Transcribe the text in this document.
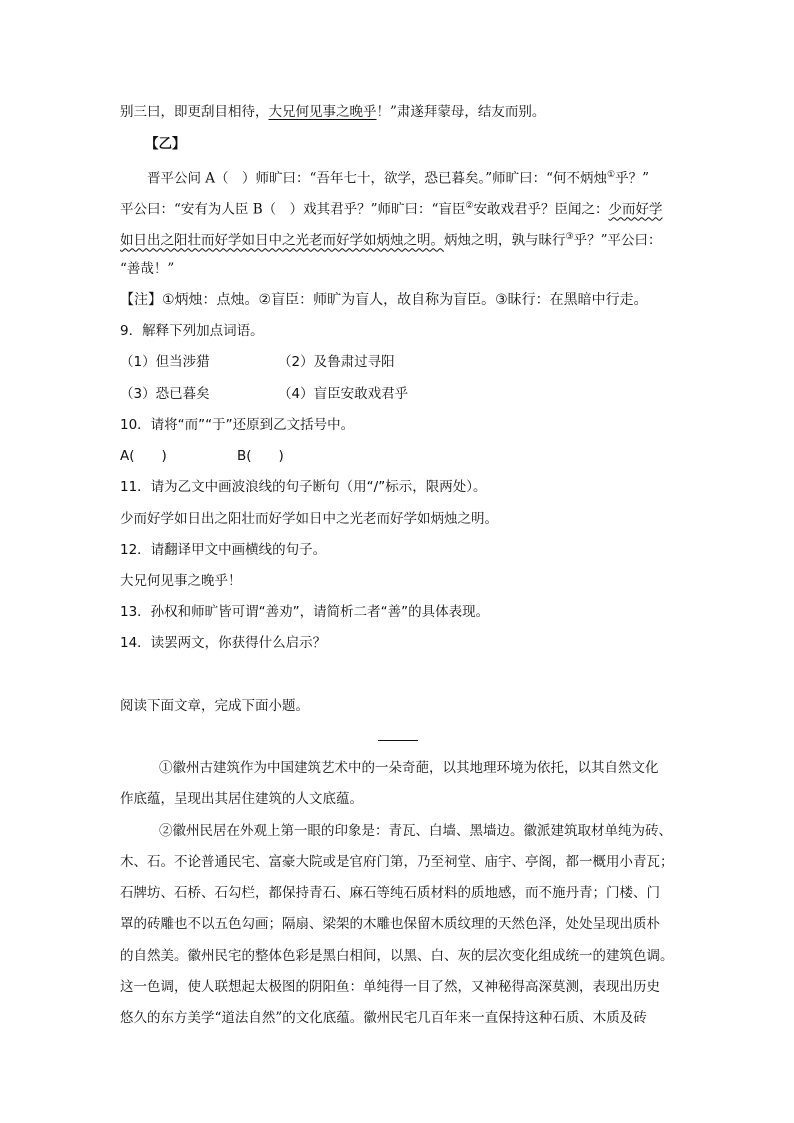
别三曰，即更刮目相待，大兄何见事之晚乎！”肃遂拜蒙母，结友而别。
【乙】
晋平公问 A（　）师旷曰：“吾年七十，欲学，恐已暮矣。”师旷曰：“何不炳烛①乎？”
平公曰：“安有为人臣 B（　）戏其君乎？”师旷曰：“盲臣②安敢戏君乎？臣闻之：少而好学
如日出之阳壮而好学如日中之光老而好学如炳烛之明。炳烛之明，孰与昧行③乎？”平公曰：
“善哉！”
【注】①炳烛：点烛。②盲臣：师旷为盲人，故自称为盲臣。③昧行：在黑暗中行走。
9．解释下列加点词语。
（1）但当涉猎	（2）及鲁肃过寻阳
（3）恐已暮矣	（4）盲臣安敢戏君乎
10．请将“而”“于”还原到乙文括号中。
A(　　)	B(　　)
11．请为乙文中画波浪线的句子断句（用“/”标示，限两处）。
少而好学如日出之阳壮而好学如日中之光老而好学如炳烛之明。
12．请翻译甲文中画横线的句子。
大兄何见事之晚乎！
13．孙权和师旷皆可谓“善劝”，请简析二者“善”的具体表现。
14．读罢两文，你获得什么启示？
阅读下面文章，完成下面小题。
①徽州古建筑作为中国建筑艺术中的一朵奇葩，以其地理环境为依托，以其自然文化
作底蕴，呈现出其居住建筑的人文底蕴。
②徽州民居在外观上第一眼的印象是：青瓦、白墙、黑墙边。徽派建筑取材单纯为砖、
木、石。不论普通民宅、富豪大院或是官府门第，乃至祠堂、庙宇、亭阁，都一概用小青瓦；
石牌坊、石桥、石勾栏，都保持青石、麻石等纯石质材料的质地感，而不施丹青；门楼、门
罩的砖雕也不以五色勾画；隔扇、梁架的木雕也保留木质纹理的天然色泽，处处呈现出质朴
的自然美。徽州民宅的整体色彩是黑白相间，以黑、白、灰的层次变化组成统一的建筑色调。
这一色调，使人联想起太极图的阴阳鱼：单纯得一目了然，又神秘得高深莫测，表现出历史
悠久的东方美学“道法自然”的文化底蕴。徽州民宅几百年来一直保持这种石质、木质及砖
